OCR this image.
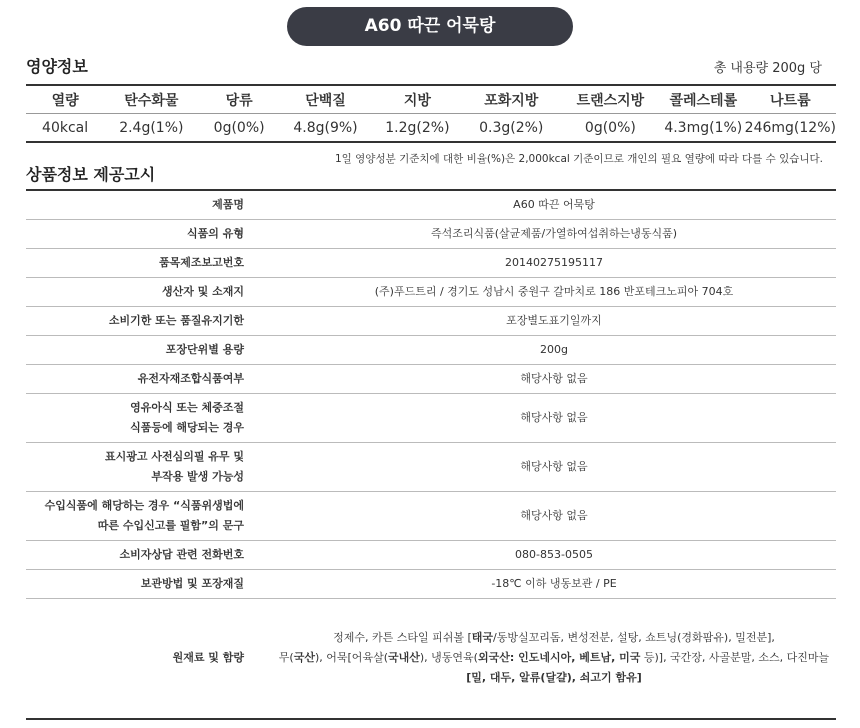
A60 따끈 어묵탕
영양정보	총 내용량 200g 당
열량	탄수화물	당류	단백질	지방	포화지방	트랜스지방	콜레스테롤	나트륨
40kcal	2.4g(1%)	0g(0%)	4.8g(9%)	1.2g(2%)	0.3g(2%)	0g(0%)	4.3mg(1%)	246mg(12%)
1일 영양성분 기준치에 대한 비율(%)은 2,000kcal 기준이므로 개인의 필요 열량에 따라 다를 수 있습니다.
상품정보 제공고시
제품명	A60 따끈 어묵탕
식품의 유형	즉석조리식품(살균제품/가열하여섭취하는냉동식품)
품목제조보고번호	20140275195117
생산자 및 소재지	(주)푸드트리 / 경기도 성남시 중원구 갈마치로 186 반포테크노피아 704호
소비기한 또는 품질유지기한	포장별도표기일까지
포장단위별 용량	200g
유전자재조합식품여부	해당사항 없음

영유아식 또는 체중조절
식품등에 해당되는 경우	해당사항 없음

표시광고 사전심의필 유무 및
부작용 발생 가능성	해당사항 없음

수입식품에 해당하는 경우 “식품위생법에
따른 수입신고를 필함”의 문구	해당사항 없음
소비자상담 관련 전화번호	080-853-0505
보관방법 및 포장재질	-18℃ 이하 냉동보관 / PE
원재료 및 함량	정제수, 카튼 스타일 피쉬볼 [태국/동방실꼬리돔, 변성전분, 설탕, 쇼트닝(경화팜유), 밀전분],
무(국산), 어묵[어육살(국내산), 냉동연육(외국산: 인도네시아, 베트남, 미국 등)], 국간장, 사골분말, 소스, 다진마늘
[밀, 대두, 알류(달걀), 쇠고기 함유]
